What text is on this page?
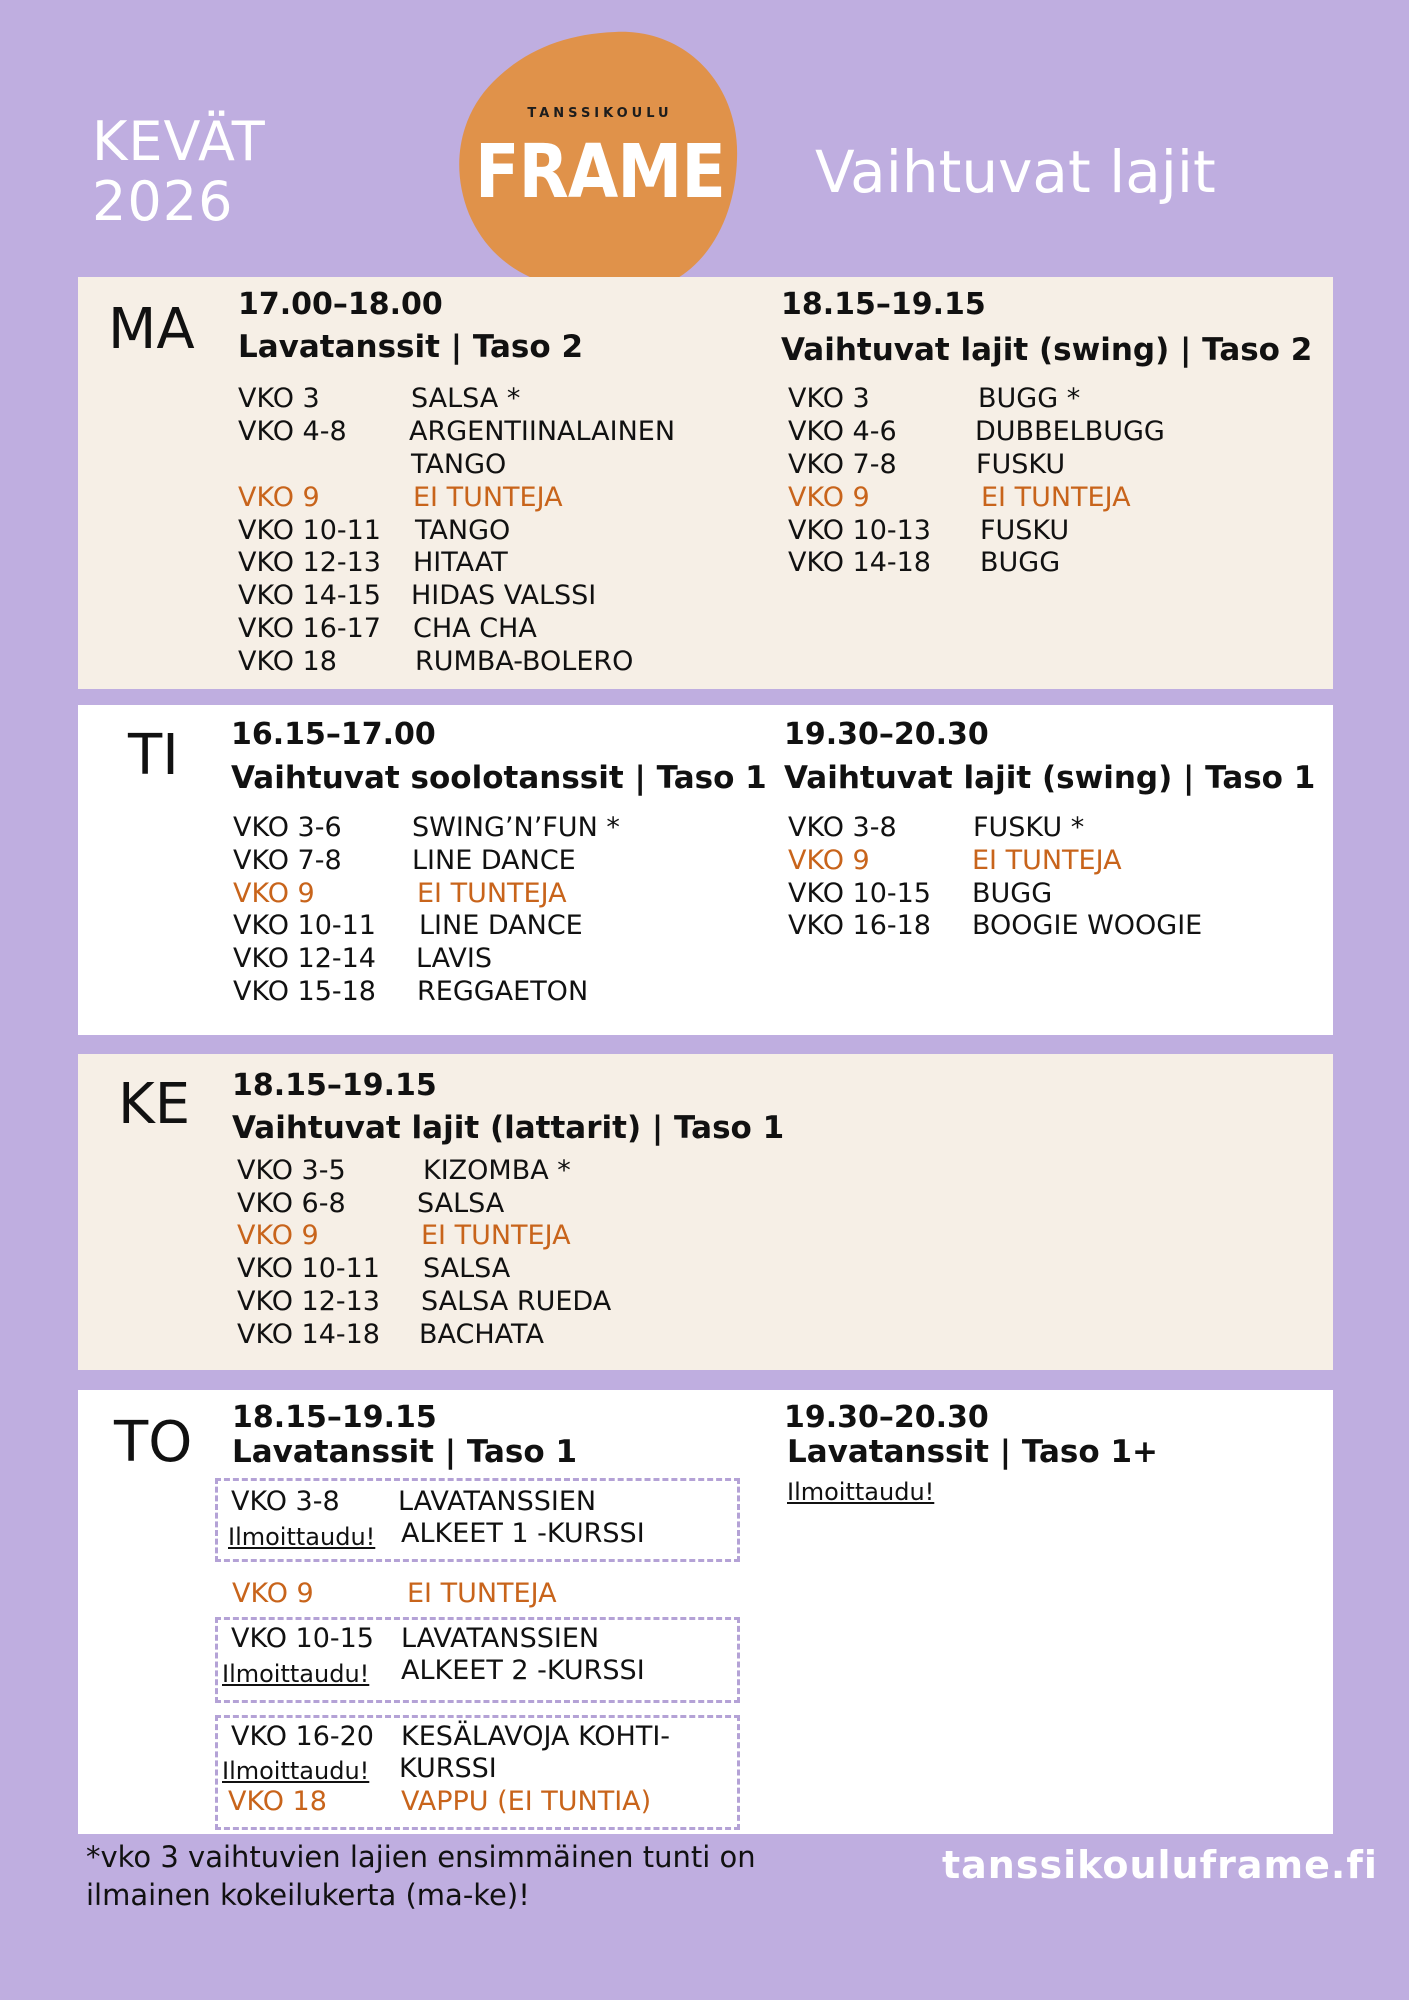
KEVÄT
2026
TANSSIKOULU
FRAME Vaihtuvat lajit
MA 17.00–18.00
Lavatanssit | Taso 2
VKO 3	SALSA *
VKO 4-8 ARGENTIINALAINEN
TANGO
VKO 9	EI TUNTEJA
VKO 10-11 TANGO
VKO 12-13 HITAAT
VKO 14-15 HIDAS VALSSI
VKO 16-17 CHA CHA
VKO 18	RUMBA-BOLERO
18.15–19.15
Vaihtuvat lajit (swing) | Taso 2
VKO 3	BUGG *
VKO 4-6	DUBBELBUGG
VKO 7-8	FUSKU
VKO 9	EI TUNTEJA
VKO 10-13 FUSKU
VKO 14-18 BUGG
TI 16.15–17.00
Vaihtuvat soolotanssit | Taso 1
VKO 3-6	SWING’N’FUN *
VKO 7-8	LINE DANCE
VKO 9	EI TUNTEJA
VKO 10-11 LINE DANCE
VKO 12-14 LAVIS
VKO 15-18 REGGAETON
19.30–20.30
Vaihtuvat lajit (swing) | Taso 1
VKO 3-8	FUSKU *
VKO 9	EI TUNTEJA
VKO 10-15 BUGG
VKO 16-18 BOOGIE WOOGIE
KE 18.15–19.15
Vaihtuvat lajit (lattarit) | Taso 1
VKO 3-5	KIZOMBA *
VKO 6-8	SALSA
VKO 9	EI TUNTEJA
VKO 10-11 SALSA
VKO 12-13 SALSA RUEDA
VKO 14-18 BACHATA
TO 18.15–19.15
Lavatanssit | Taso 1
VKO 3-8 LAVATANSSIEN
Ilmoittaudu! ALKEET 1 -KURSSI
VKO 9	EI TUNTEJA
VKO 10-15 LAVATANSSIEN
Ilmoittaudu! ALKEET 2 -KURSSI
VKO 16-20 KESÄLAVOJA KOHTI-
Ilmoittaudu! KURSSI
VKO 18	VAPPU (EI TUNTIA)
19.30–20.30
Lavatanssit | Taso 1+
Ilmoittaudu!
*vko 3 vaihtuvien lajien ensimmäinen tunti on
ilmainen kokeilukerta (ma-ke)!
tanssikouluframe.fi
